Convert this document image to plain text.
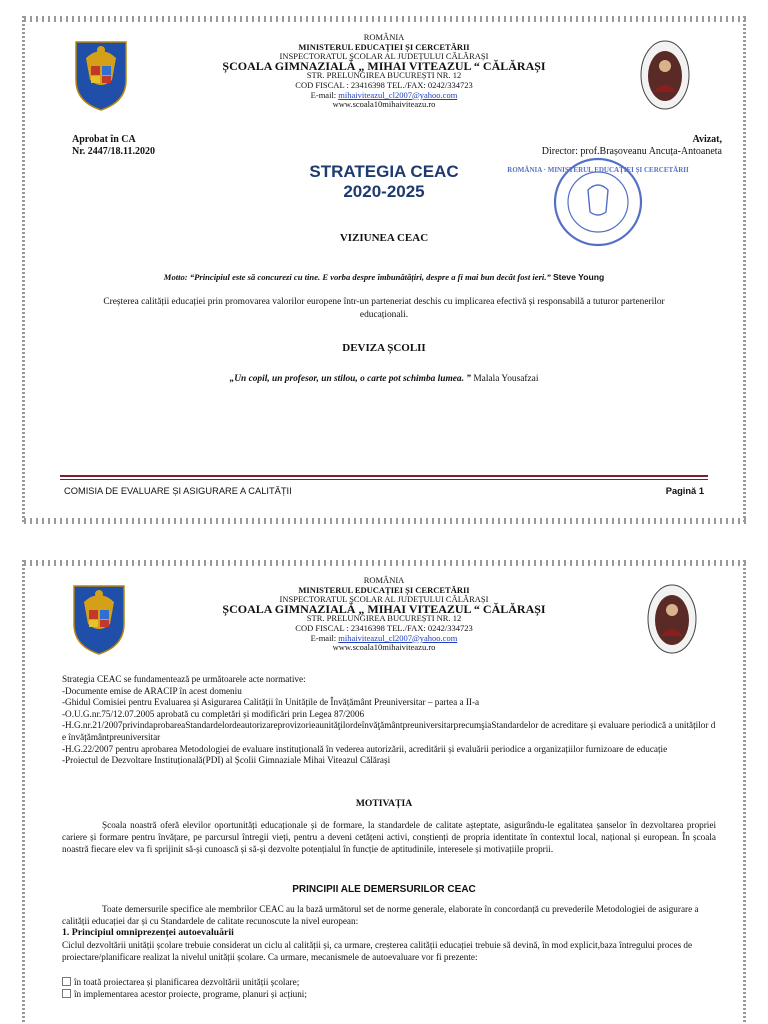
ROMÂNIA
MINISTERUL EDUCAȚIEI ȘI CERCETĂRII
INSPECTORATUL ȘCOLAR AL JUDEȚULUI CĂLĂRAȘI
ȘCOALA GIMNAZIALĂ „ MIHAI VITEAZUL “ CĂLĂRAȘI
STR. PRELUNGIREA BUCUREȘTI NR. 12
COD FISCAL : 23416398 TEL./FAX: 0242/334723
E-mail: mihaiviteazul_cl2007@yahoo.com
www.scoala10mihaiviteazu.ro
Aprobat în CA
Nr. 2447/18.11.2020
Avizat,
Director: prof.Brașoveanu Ancuța-Antoaneta
ROMÂNIA · MINISTERUL EDUCAȚIEI ȘI CERCETĂRII
STRATEGIA CEAC
2020-2025
VIZIUNEA CEAC
Motto: “Principiul este să concurezi cu tine. E vorba despre îmbunătățiri, despre a fi mai bun decât fost ieri.” Steve Young
Creșterea calității educației prin promovarea valorilor europene într-un parteneriat deschis cu implicarea efectivă și responsabilă a tuturor partenerilor educaționali.
DEVIZA ȘCOLII
„Un copil, un profesor, un stilou, o carte pot schimba lumea. ” Malala Yousafzai
COMISIA DE EVALUARE ȘI ASIGURARE A CALITĂȚII	Pagină 1
ROMÂNIA
MINISTERUL EDUCAȚIEI ȘI CERCETĂRII
INSPECTORATUL ȘCOLAR AL JUDEȚULUI CĂLĂRAȘI
ȘCOALA GIMNAZIALĂ „ MIHAI VITEAZUL “ CĂLĂRAȘI
STR. PRELUNGIREA BUCUREȘTI NR. 12
COD FISCAL : 23416398 TEL./FAX: 0242/334723
E-mail: mihaiviteazul_cl2007@yahoo.com
www.scoala10mihaiviteazu.ro
Strategia CEAC se fundamentează pe următoarele acte normative:
-Documente emise de ARACIP în acest domeniu
-Ghidul Comisiei pentru Evaluarea și Asigurarea Calității în Unitățile de Învățământ Preuniversitar – partea a II-a
-O.U.G.nr.75/12.07.2005 aprobată cu completări și modificări prin Legea 87/2006
-H.G.nr.21/2007privindaprobareaStandardelordeautorizareprovizorieaunităţilordeînvăţământpreuniversitarprecumşiaStandardelor de acreditare și evaluare periodică a unităților de învățământpreuniversitar
-H.G.22/2007 pentru aprobarea Metodologiei de evaluare instituțională în vederea autorizării, acreditării și evaluării periodice a organizațiilor furnizoare de educație
-Proiectul de Dezvoltare Instituțională(PDI) al Școlii Gimnaziale Mihai Viteazul Călărași
MOTIVAȚIA
Școala noastră oferă elevilor oportunități educaționale și de formare, la standardele de calitate așteptate, asigurându-le egalitatea șanselor în dezvoltarea propriei cariere și formare pentru învățare, pe parcursul întregii vieți, pentru a deveni cetățeni activi, conștienți de propria identitate în contextul local, național și european. În școala noastră fiecare elev va fi sprijinit să-și cunoască și să-și dezvolte potențialul în funcție de aptitudinile, interesele și motivațiile proprii.
PRINCIPII ALE DEMERSURILOR CEAC
Toate demersurile specifice ale membrilor CEAC au la bază următorul set de norme generale, elaborate în concordanță cu prevederile Metodologiei de asigurare a calității educației dar și cu Standardele de calitate recunoscute la nivel european:
1. Principiul omniprezenței autoevaluării
Ciclul dezvoltării unității școlare trebuie considerat un ciclu al calității și, ca urmare, creșterea calității educației trebuie să devină, în mod explicit,baza întregului proces de proiectare/planificare realizat la nivelul unității școlare. Ca urmare, mecanismele de autoevaluare vor fi prezente:
în toată proiectarea și planificarea dezvoltării unității școlare;
în implementarea acestor proiecte, programe, planuri și acțiuni;
